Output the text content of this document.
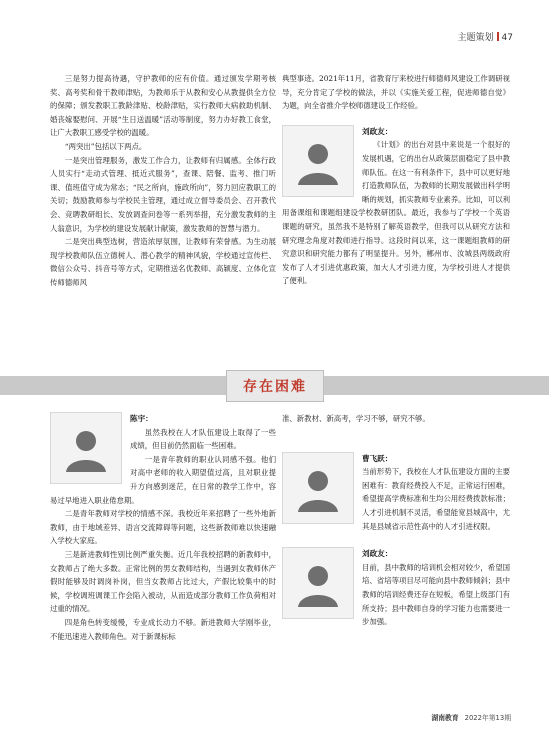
主题策划 47

三是努力提高待遇，守护教师的应有价值。通过颁发学期考核奖、高考奖和骨干教师津贴，为教师乐于从教和安心从教提供全方位的保障；颁发教职工教龄津贴、校龄津贴，实行教师大病救助机制、婚丧嫁娶慰问、开展“生日送温暖”活动等制度，努力办好教工食堂，让广大教职工感受学校的温暖。

“两突出”包括以下两点。

一是突出管理服务，激发工作合力，让教师有归属感。全体行政人员实行“走动式管理、抵近式服务”，查课、陪餐、监考、推门听课、值班值守成为常态；“民之所向，施政所向”，努力回应教职工的关切；鼓励教师参与学校民主管理，通过成立督导委员会、召开教代会、竞聘教研组长、发放调查问卷等一系列举措，充分激发教师的主人翁意识，为学校的建设发展献计献策，激发教师的智慧与潜力。

二是突出典型选树，营造浓厚氛围，让教师有荣誉感。为生动展现学校教师队伍立德树人、潜心教学的精神风貌，学校通过宣传栏、微信公众号、抖音号等方式，定期推送名优教师、高颖度、立体化宣传师德师风

典型事迹。2021年11月，省教育厅来校进行师德师风建设工作调研视导，充分肯定了学校的做法，并以《实施关爱工程，促进师德自觉》为题，向全省推介学校师德建设工作经验。

刘政友：

《计划》的出台对县中来说是一个很好的发展机遇，它的出台从政策层面稳定了县中教师队伍。在这一有利条件下，县中可以更好地打造教师队伍，为教师的长期发展做出科学明晰的规划，抓实教师专业素养。比如，可以利用备课组和课题组建设学校教研团队。最近，我参与了学校一个英语课题的研究，虽然我不是特别了解英语教学，但我可以从研究方法和研究理念角度对教师进行指导。这段时间以来，这一课题组教师的研究意识和研究能力都有了明显提升。另外，郴州市、汝城县两级政府发布了人才引进优惠政策，加大人才引进力度，为学校引进人才提供了便利。

存在困难
陈宇：

虽然我校在人才队伍建设上取得了一些成绩，但目前仍然面临一些困难。

一是青年教师的职业认同感不强。他们对高中老师的收入期望值过高，且对职业提升方向感到迷茫，在日常的教学工作中，容易过早地进入职业倦怠期。

二是青年教师对学校的情感不深。我校近年来招聘了一些外地新教师，由于地域差异、语言交流障碍等问题，这些新教师难以快速融入学校大家庭。

三是新进教师性别比例严重失衡。近几年我校招聘的新教师中，女教师占了绝大多数。正常比例的男女教师结构，当遇到女教师休产假时能够及时调岗补岗，但当女教师占比过大，产假比较集中的时候，学校调班调课工作会陷入被动，从而造成部分教师工作负荷相对过重的情况。

四是角色转变缓慢，专业成长动力不够。新进教师大学刚毕业，不能迅速进入教师角色。对于新课标标

准、新教材、新高考，学习不够，研究不够。

曹飞跃：

当前形势下，我校在人才队伍建设方面的主要困难有：教育经费投入不足，正常运行困难，希望提高学费标准和生均公用经费拨款标准；人才引进机制不灵活，希望能宽县城高中，尤其是县城省示范性高中的人才引进权限。

刘政友：

目前，县中教师的培训机会相对较少，希望国培、省培等项目尽可能向县中教师倾斜；县中教师的培训经费还存在短板，希望上级部门有所支持；县中教师自身的学习能力也需要进一步加强。

湖南教育 2022年第13期
